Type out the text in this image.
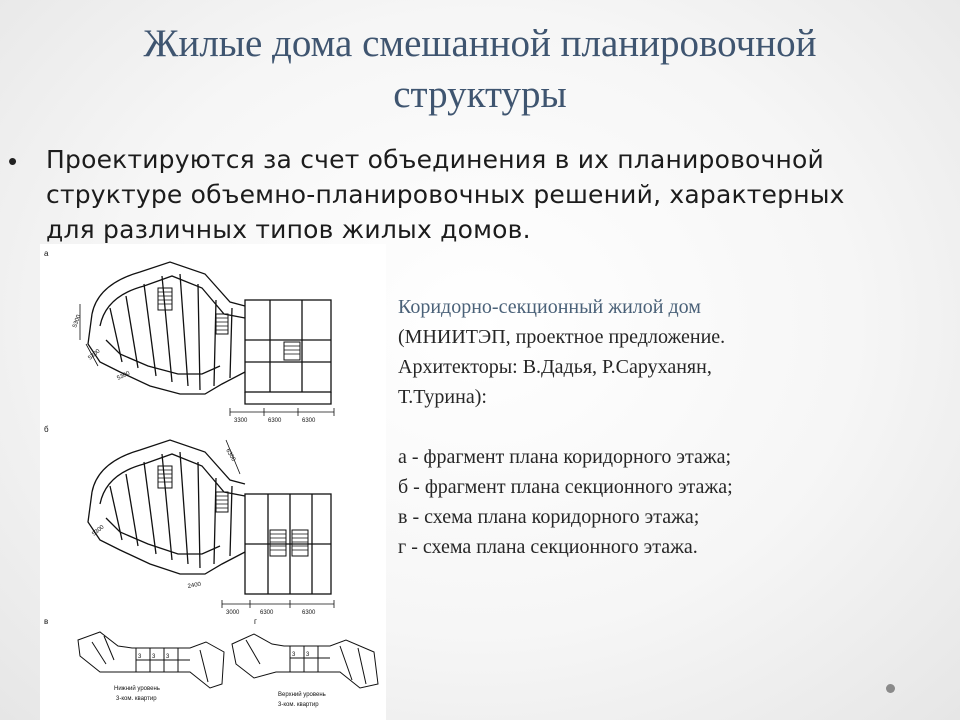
Жилые дома смешанной планировочной
структуры
• Проектируются за счет объединения в их планировочной
структуре объемно-планировочных решений, характерных
для различных типов жилых домов.
а
5300
5300
5300
3300	6300	6300
б
6300
3000	6300	6300
2400
5300
в
3 3 3
Нижний уровень
3-ком. квартир
г
3 3
Верхний уровень
3-ком. квартир

Коридорно-секционный жилой дом

(МНИИТЭП, проектное предложение.

Архитекторы: В.Дадья, Р.Саруханян,

Т.Турина):

а - фрагмент плана коридорного этажа;

б - фрагмент плана секционного этажа;

в - схема плана коридорного этажа;

г - схема плана секционного этажа.
